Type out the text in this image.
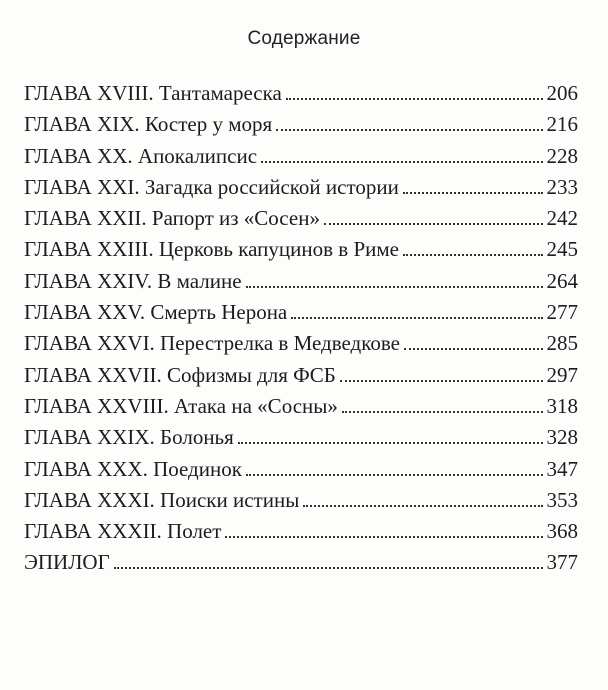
Содержание
ГЛАВА XVIII. Тантамареска	206
ГЛАВА XIX. Костер у моря	216
ГЛАВА XX. Апокалипсис	228
ГЛАВА XXI. Загадка российской истории	233
ГЛАВА XXII. Рапорт из «Сосен»	242
ГЛАВА XXIII. Церковь капуцинов в Риме	245
ГЛАВА XXIV. В малине	264
ГЛАВА XXV. Смерть Нерона	277
ГЛАВА XXVI. Перестрелка в Медведкове	285
ГЛАВА XXVII. Софизмы для ФСБ	297
ГЛАВА XXVIII. Атака на «Сосны»	318
ГЛАВА XXIX. Болонья	328
ГЛАВА XXX. Поединок	347
ГЛАВА XXXI. Поиски истины	353
ГЛАВА XXXII. Полет	368
ЭПИЛОГ	377
